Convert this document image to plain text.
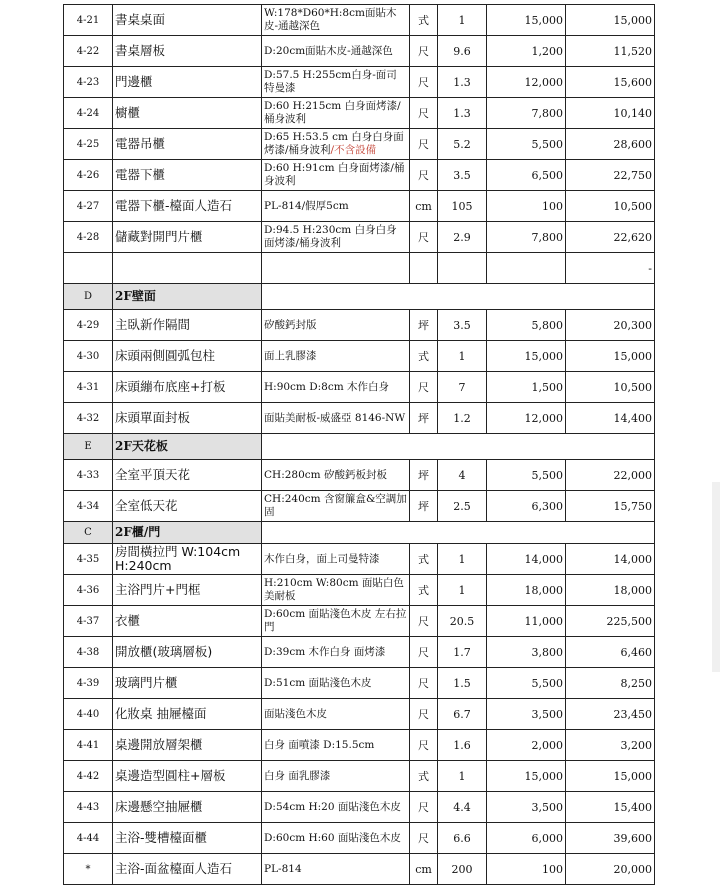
4-21	書桌桌面	W:178*D60*H:8cm面貼木皮-通越深色	式	1	15,000	15,000
4-22	書桌層板	D:20cm面貼木皮-通越深色	尺	9.6	1,200	11,520
4-23	門邊櫃	D:57.5 H:255cm白身-面司特曼漆	尺	1.3	12,000	15,600
4-24	櫥櫃	D:60 H:215cm 白身面烤漆/桶身波利	尺	1.3	7,800	10,140
4-25	電器吊櫃	D:65 H:53.5 cm 白身白身面烤漆/桶身波利/不含設備	尺	5.2	5,500	28,600
4-26	電器下櫃	D:60 H:91cm 白身面烤漆/桶身波利	尺	3.5	6,500	22,750
4-27	電器下櫃-檯面人造石	PL-814/假厚5cm	cm	105	100	10,500
4-28	儲藏對開門片櫃	D:94.5 H:230cm 白身白身面烤漆/桶身波利	尺	2.9	7,800	22,620
						-
D	2F壁面					
4-29	主臥新作隔間	矽酸鈣封版	坪	3.5	5,800	20,300
4-30	床頭兩側圓弧包柱	面上乳膠漆	式	1	15,000	15,000
4-31	床頭繃布底座+打板	H:90cm D:8cm 木作白身	尺	7	1,500	10,500
4-32	床頭單面封板	面貼美耐板-威盛亞 8146-NW	坪	1.2	12,000	14,400
E	2F天花板					
4-33	全室平頂天花	CH:280cm 矽酸鈣板封板	坪	4	5,500	22,000
4-34	全室低天花	CH:240cm 含窗簾盒&空調加固	坪	2.5	6,300	15,750
C	2F櫃/門					
4-35	房間橫拉門 W:104cm H:240cm	木作白身，面上司曼特漆	式	1	14,000	14,000
4-36	主浴門片+門框	H:210cm W:80cm 面貼白色美耐板	式	1	18,000	18,000
4-37	衣櫃	D:60cm 面貼淺色木皮 左右拉門	尺	20.5	11,000	225,500
4-38	開放櫃(玻璃層板)	D:39cm 木作白身 面烤漆	尺	1.7	3,800	6,460
4-39	玻璃門片櫃	D:51cm 面貼淺色木皮	尺	1.5	5,500	8,250
4-40	化妝桌 抽屜檯面	面貼淺色木皮	尺	6.7	3,500	23,450
4-41	桌邊開放層架櫃	白身 面噴漆 D:15.5cm	尺	1.6	2,000	3,200
4-42	桌邊造型圓柱+層板	白身 面乳膠漆	式	1	15,000	15,000
4-43	床邊懸空抽屜櫃	D:54cm H:20 面貼淺色木皮	尺	4.4	3,500	15,400
4-44	主浴-雙槽檯面櫃	D:60cm H:60 面貼淺色木皮	尺	6.6	6,000	39,600
*	主浴-面盆檯面人造石	PL-814	cm	200	100	20,000
